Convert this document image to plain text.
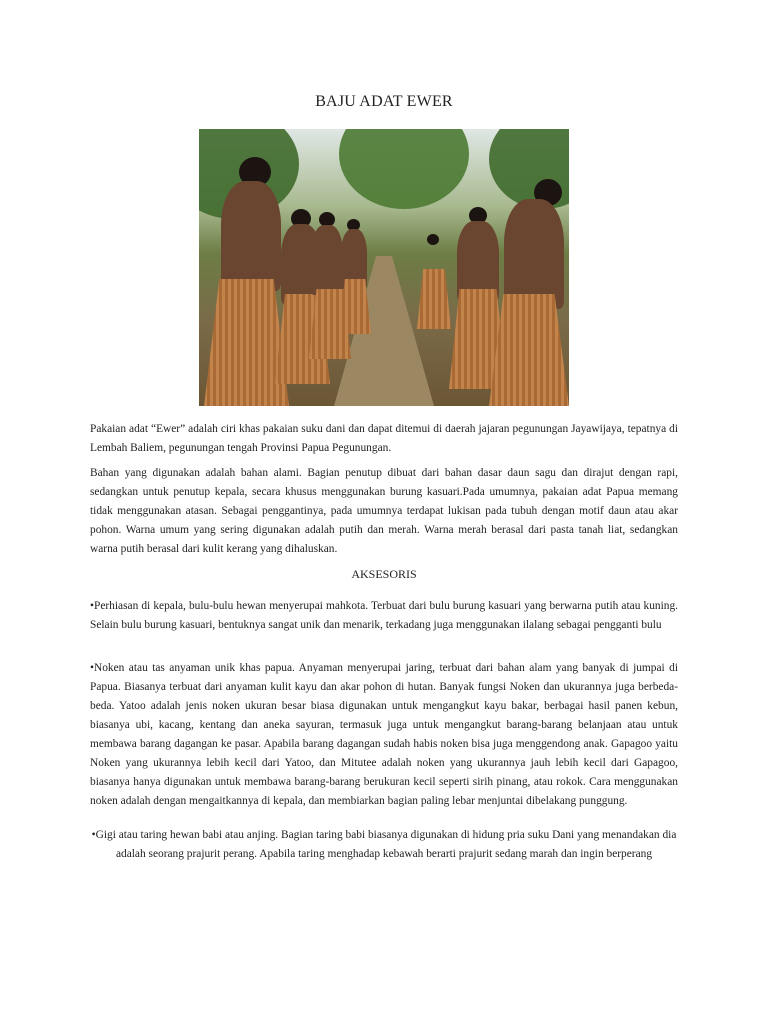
BAJU ADAT EWER

Pakaian adat “Ewer” adalah ciri khas pakaian suku dani dan dapat ditemui di daerah jajaran pegunungan Jayawijaya, tepatnya di Lembah Baliem, pegunungan tengah Provinsi Papua Pegunungan.

Bahan yang digunakan adalah bahan alami. Bagian penutup dibuat dari bahan dasar daun sagu dan dirajut dengan rapi, sedangkan untuk penutup kepala, secara khusus menggunakan burung kasuari.Pada umumnya, pakaian adat Papua memang tidak menggunakan atasan. Sebagai penggantinya, pada umumnya terdapat lukisan pada tubuh dengan motif daun atau akar pohon. Warna umum yang sering digunakan adalah putih dan merah. Warna merah berasal dari pasta tanah liat, sedangkan warna putih berasal dari kulit kerang yang dihaluskan.

AKSESORIS

•Perhiasan di kepala, bulu-bulu hewan menyerupai mahkota. Terbuat dari bulu burung kasuari yang berwarna putih atau kuning. Selain bulu burung kasuari, bentuknya sangat unik dan menarik, terkadang juga menggunakan ilalang sebagai pengganti bulu

•Noken atau tas anyaman unik khas papua. Anyaman menyerupai jaring, terbuat dari bahan alam yang banyak di jumpai di Papua. Biasanya terbuat dari anyaman kulit kayu dan akar pohon di hutan. Banyak fungsi Noken dan ukurannya juga berbeda-beda. Yatoo adalah jenis noken ukuran besar biasa digunakan untuk mengangkut kayu bakar, berbagai hasil panen kebun, biasanya ubi, kacang, kentang dan aneka sayuran, termasuk juga untuk mengangkut barang-barang belanjaan atau untuk membawa barang dagangan ke pasar. Apabila barang dagangan sudah habis noken bisa juga menggendong anak. Gapagoo yaitu Noken yang ukurannya lebih kecil dari Yatoo, dan Mitutee adalah noken yang ukurannya jauh lebih kecil dari Gapagoo, biasanya hanya digunakan untuk membawa barang-barang berukuran kecil seperti sirih pinang, atau rokok. Cara menggunakan noken adalah dengan mengaitkannya di kepala, dan membiarkan bagian paling lebar menjuntai dibelakang punggung.

•Gigi atau taring hewan babi atau anjing. Bagian taring babi biasanya digunakan di hidung pria suku Dani yang menandakan dia adalah seorang prajurit perang. Apabila taring menghadap kebawah berarti prajurit sedang marah dan ingin berperang
